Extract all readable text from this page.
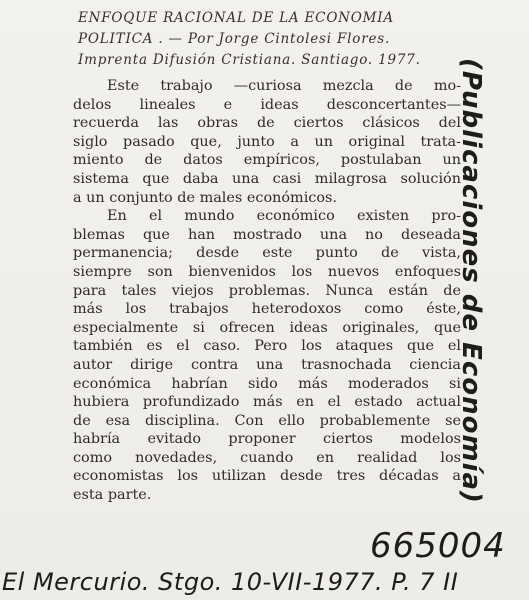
ENFOQUE RACIONAL DE LA ECONOMIA
POLITICA . — Por Jorge Cintolesi Flores.
Imprenta Difusión Cristiana. Santiago. 1977.
Este trabajo —curiosa mezcla de mo-
delos lineales e ideas desconcertantes—
recuerda las obras de ciertos clásicos del
siglo pasado que, junto a un original trata-
miento de datos empíricos, postulaban un
sistema que daba una casi milagrosa solución
a un conjunto de males económicos.
En el mundo económico existen pro-
blemas que han mostrado una no deseada
permanencia; desde este punto de vista,
siempre son bienvenidos los nuevos enfoques
para tales viejos problemas. Nunca están de
más los trabajos heterodoxos como éste,
especialmente si ofrecen ideas originales, que
también es el caso. Pero los ataques que el
autor dirige contra una trasnochada ciencia
económica habrían sido más moderados si
hubiera profundizado más en el estado actual
de esa disciplina. Con ello probablemente se
habría evitado proponer ciertos modelos
como novedades, cuando en realidad los
economistas los utilizan desde tres décadas a
esta parte.	(Publicaciones de Economía)
665004
El Mercurio. Stgo. 10-VII-1977. P. 7 II
